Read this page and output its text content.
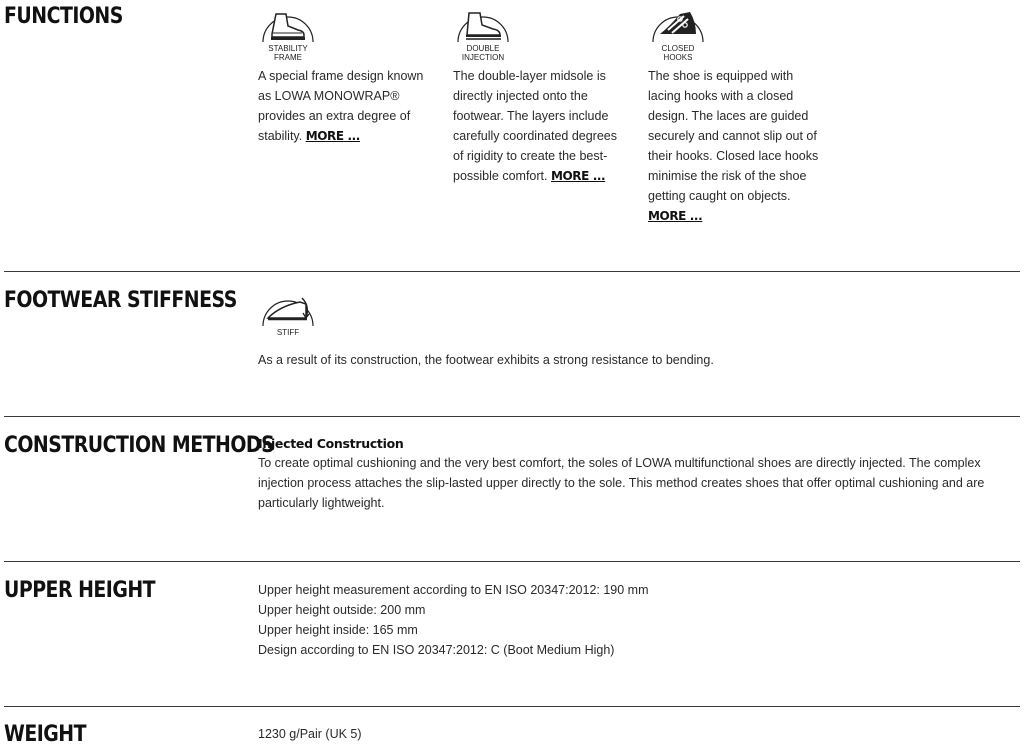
FUNCTIONS
STABILITY
FRAME
A special frame design known
as LOWA MONOWRAP®
provides an extra degree of
stability. MORE ...
DOUBLE
INJECTION
The double-layer midsole is
directly injected onto the
footwear. The layers include
carefully coordinated degrees
of rigidity to create the best-
possible comfort. MORE ...
CLOSED
HOOKS
The shoe is equipped with
lacing hooks with a closed
design. The laces are guided
securely and cannot slip out of
their hooks. Closed lace hooks
minimise the risk of the shoe
getting caught on objects.
MORE ...
FOOTWEAR STIFFNESS
STIFF
As a result of its construction, the footwear exhibits a strong resistance to bending.
CONSTRUCTION METHODS

Injected Construction

To create optimal cushioning and the very best comfort, the soles of LOWA multifunctional shoes are directly injected. The complex
injection process attaches the slip-lasted upper directly to the sole. This method creates shoes that offer optimal cushioning and are
particularly lightweight.
UPPER HEIGHT	Upper height measurement according to EN ISO 20347:2012: 190 mm
Upper height outside: 200 mm
Upper height inside: 165 mm
Design according to EN ISO 20347:2012: C (Boot Medium High)
WEIGHT	1230 g/Pair (UK 5)
